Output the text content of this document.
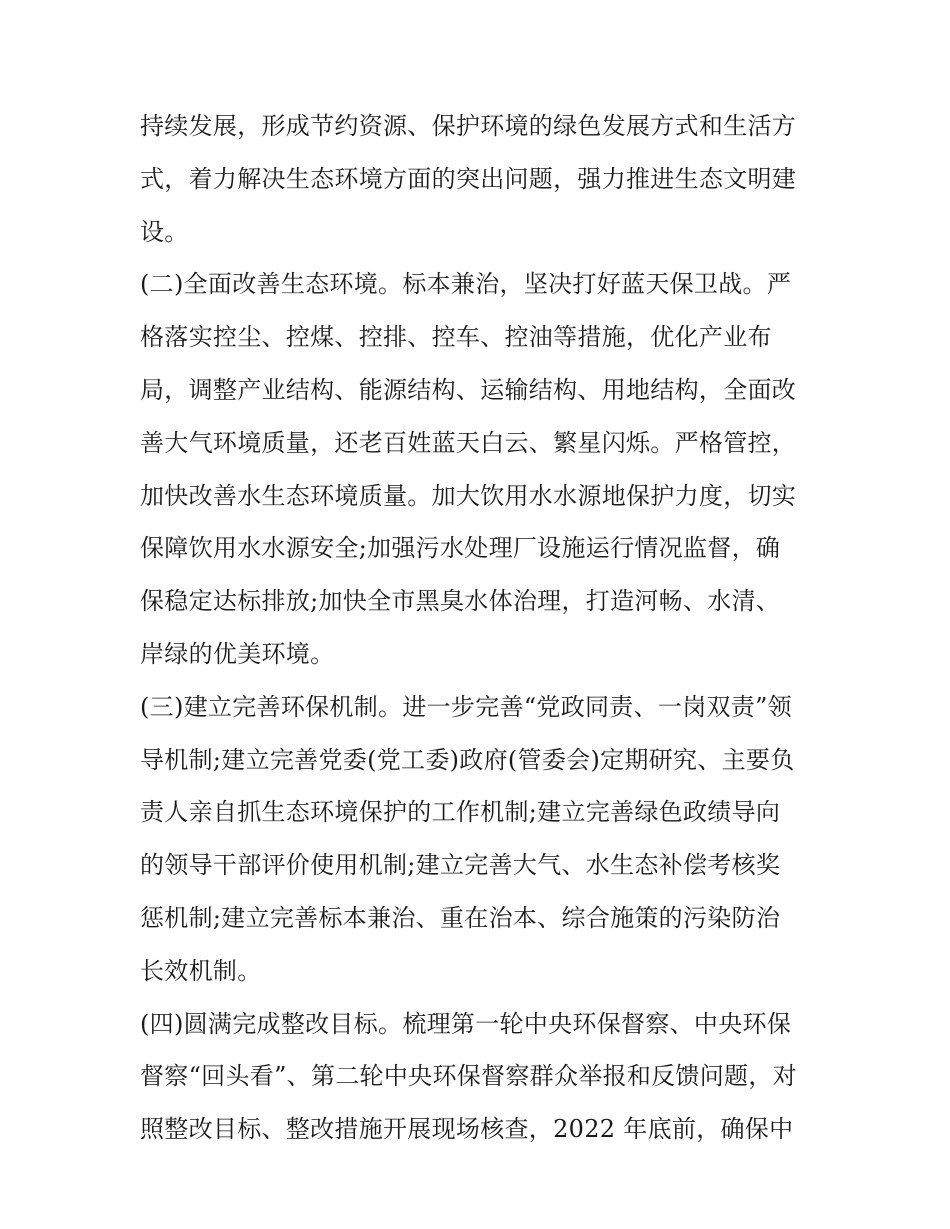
持续发展，形成节约资源、保护环境的绿色发展方式和生活方
式，着力解决生态环境方面的突出问题，强力推进生态文明建
设。
(二)全面改善生态环境。标本兼治，坚决打好蓝天保卫战。严
格落实控尘、控煤、控排、控车、控油等措施，优化产业布
局，调整产业结构、能源结构、运输结构、用地结构，全面改
善大气环境质量，还老百姓蓝天白云、繁星闪烁。严格管控，
加快改善水生态环境质量。加大饮用水水源地保护力度，切实
保障饮用水水源安全;加强污水处理厂设施运行情况监督，确
保稳定达标排放;加快全市黑臭水体治理，打造河畅、水清、
岸绿的优美环境。
(三)建立完善环保机制。进一步完善“党政同责、一岗双责”领
导机制;建立完善党委(党工委)政府(管委会)定期研究、主要负
责人亲自抓生态环境保护的工作机制;建立完善绿色政绩导向
的领导干部评价使用机制;建立完善大气、水生态补偿考核奖
惩机制;建立完善标本兼治、重在治本、综合施策的污染防治
长效机制。
(四)圆满完成整改目标。梳理第一轮中央环保督察、中央环保
督察“回头看”、第二轮中央环保督察群众举报和反馈问题，对
照整改目标、整改措施开展现场核查，2022 年底前，确保中
